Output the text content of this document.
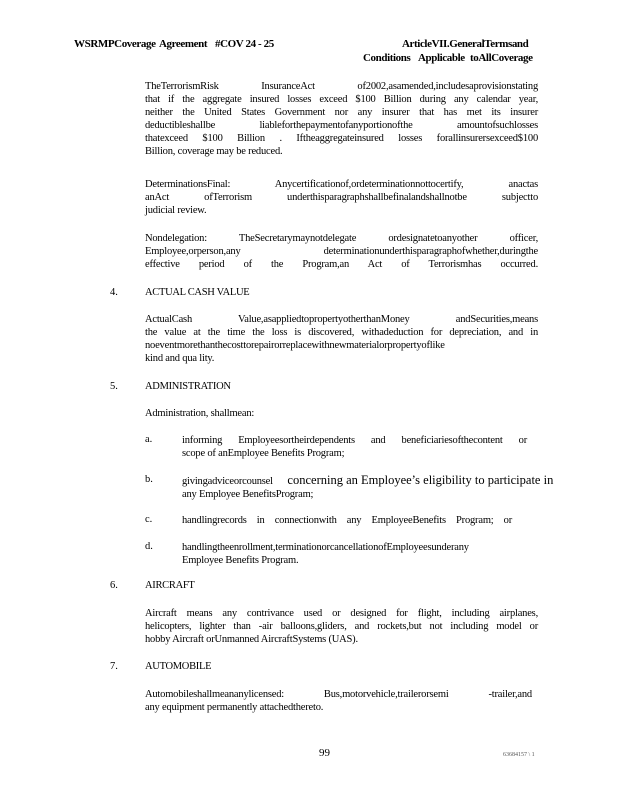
WSRMPCoverage Agreement #COV 24 - 25	ArticleVII.GeneralTermsand
Conditions Applicable toAllCoverage

TheTerrorismRisk InsuranceAct of2002,asamended,includesaprovisionstating

that if the aggregate insured losses exceed $100 Billion during any calendar year,

neither the United States Government nor any insurer that has met its insurer

deductibleshallbe liableforthepaymentofanyportionofthe amountofsuchlosses

thatexceed $100 Billion . Iftheaggregateinsured losses forallinsurersexceed$100

Billion, coverage may be reduced.

DeterminationsFinal: Anycertificationof,ordeterminationnottocertify, anactas

anAct ofTerrorism underthisparagraphshallbefinalandshallnotbe subjectto

judicial review.

Nondelegation: TheSecretarymaynotdelegate ordesignatetoanyother officer,

Employee,orperson,any determinationunderthisparagraphofwhether,duringthe

effective period of the Program,an Act of Terrorismhas occurred.

4.	ACTUAL CASH VALUE

ActualCash Value,asappliedtopropertyotherthanMoney andSecurities,means

the value at the time the loss is discovered, withadeduction for depreciation, and in

noeventmorethanthecosttorepairorreplacewithnewmaterialorpropertyoflike

kind and qua lity.

5.	ADMINISTRATION

Administration, shallmean:

a.	informing Employeesortheirdependents and beneficiariesofthecontent or

scope of anEmployee Benefits Program;

b.	givingadviceorcounsel concerning an Employee’s eligibility to participate in

any Employee BenefitsProgram;

c.	handlingrecords in connectionwith any EmployeeBenefits Program; or

d.	handlingtheenrollment,terminationorcancellationofEmployeesunderany

Employee Benefits Program.

6.	AIRCRAFT

Aircraft means any contrivance used or designed for flight, including airplanes,

helicopters, lighter than -air balloons,gliders, and rockets,but not including model or

hobby Aircraft orUnmanned AircraftSystems (UAS).

7.	AUTOMOBILE

Automobileshallmeananylicensed: Bus,motorvehicle,trailerorsemi -trailer,and

any equipment permanently attachedthereto.

99	63684157 \ 1
